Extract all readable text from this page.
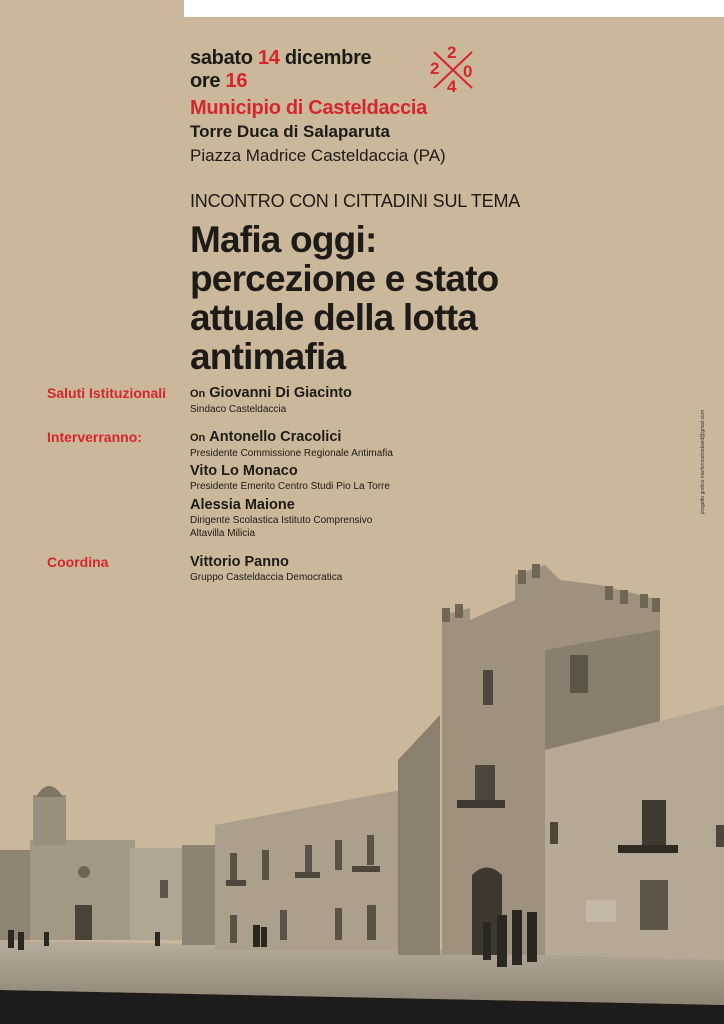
sabato 14 dicembre
ore 16
2
2 0
4
Municipio di Casteldaccia
Torre Duca di Salaparuta
Piazza Madrice Casteldaccia (PA)
INCONTRO CON I CITTADINI SUL TEMA
Mafia oggi:
percezione e stato
attuale della lotta
antimafia
Saluti Istituzionali On Giovanni Di Giacinto
Sindaco Casteldaccia
Interverranno:	On Antonello Cracolici
Presidente Commissione Regionale Antimafia
Vito Lo Monaco
Presidente Emerito Centro Studi Pio La Torre
Alessia Maione
Dirigente Scolastica Istituto Comprensivo
Altavilla Milicia
Coordina	Vittorio Panno
Gruppo Casteldaccia Democratica
progetto grafico marfornostrodavid@gmail.com
